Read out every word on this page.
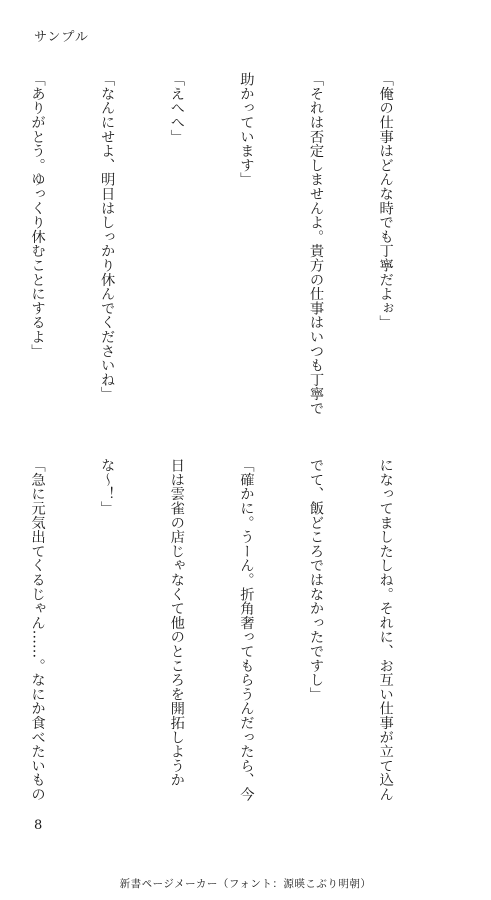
サンプル

「俺の仕事はどんな時でも丁寧だよぉ」

「それは否定しませんよ。貴方の仕事はいつも丁寧で

助かっています」

「えへへ」

「なんにせよ、明日はしっかり休んでくださいね」

「ありがとう。ゆっくり休むことにするよ」

になってましたしね。それに、お互い仕事が立て込ん

でて、飯どころではなかったですし」

「確かに。うーん。折角奢ってもらうんだったら、今

日は雲雀の店じゃなくて他のところを開拓しようか

な～！」

「急に元気出てくるじゃん……。なにか食べたいもの

8
新書ページメーカー（フォント：源暎こぶり明朝）
